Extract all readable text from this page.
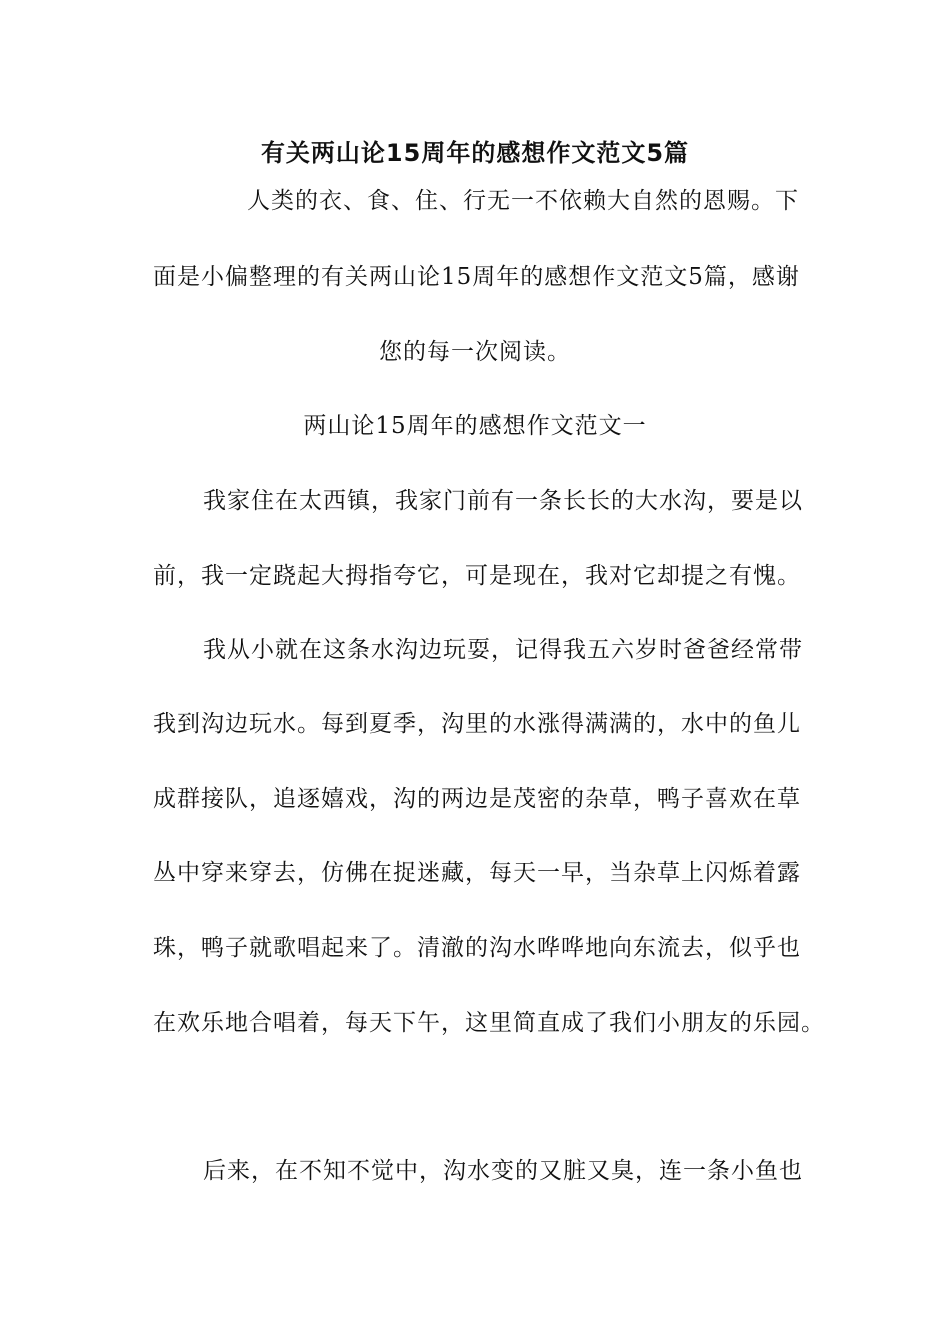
有关两山论15周年的感想作文范文5篇
人类的衣、食、住、行无一不依赖大自然的恩赐。下
面是小偏整理的有关两山论15周年的感想作文范文5篇，感谢
您的每一次阅读。
两山论15周年的感想作文范文一
我家住在太西镇，我家门前有一条长长的大水沟，要是以
前，我一定跷起大拇指夸它，可是现在，我对它却提之有愧。
我从小就在这条水沟边玩耍，记得我五六岁时爸爸经常带
我到沟边玩水。每到夏季，沟里的水涨得满满的，水中的鱼儿
成群接队，追逐嬉戏，沟的两边是茂密的杂草，鸭子喜欢在草
丛中穿来穿去，仿佛在捉迷藏，每天一早，当杂草上闪烁着露
珠，鸭子就歌唱起来了。清澈的沟水哗哗地向东流去，似乎也
在欢乐地合唱着，每天下午，这里简直成了我们小朋友的乐园。
后来，在不知不觉中，沟水变的又脏又臭，连一条小鱼也
